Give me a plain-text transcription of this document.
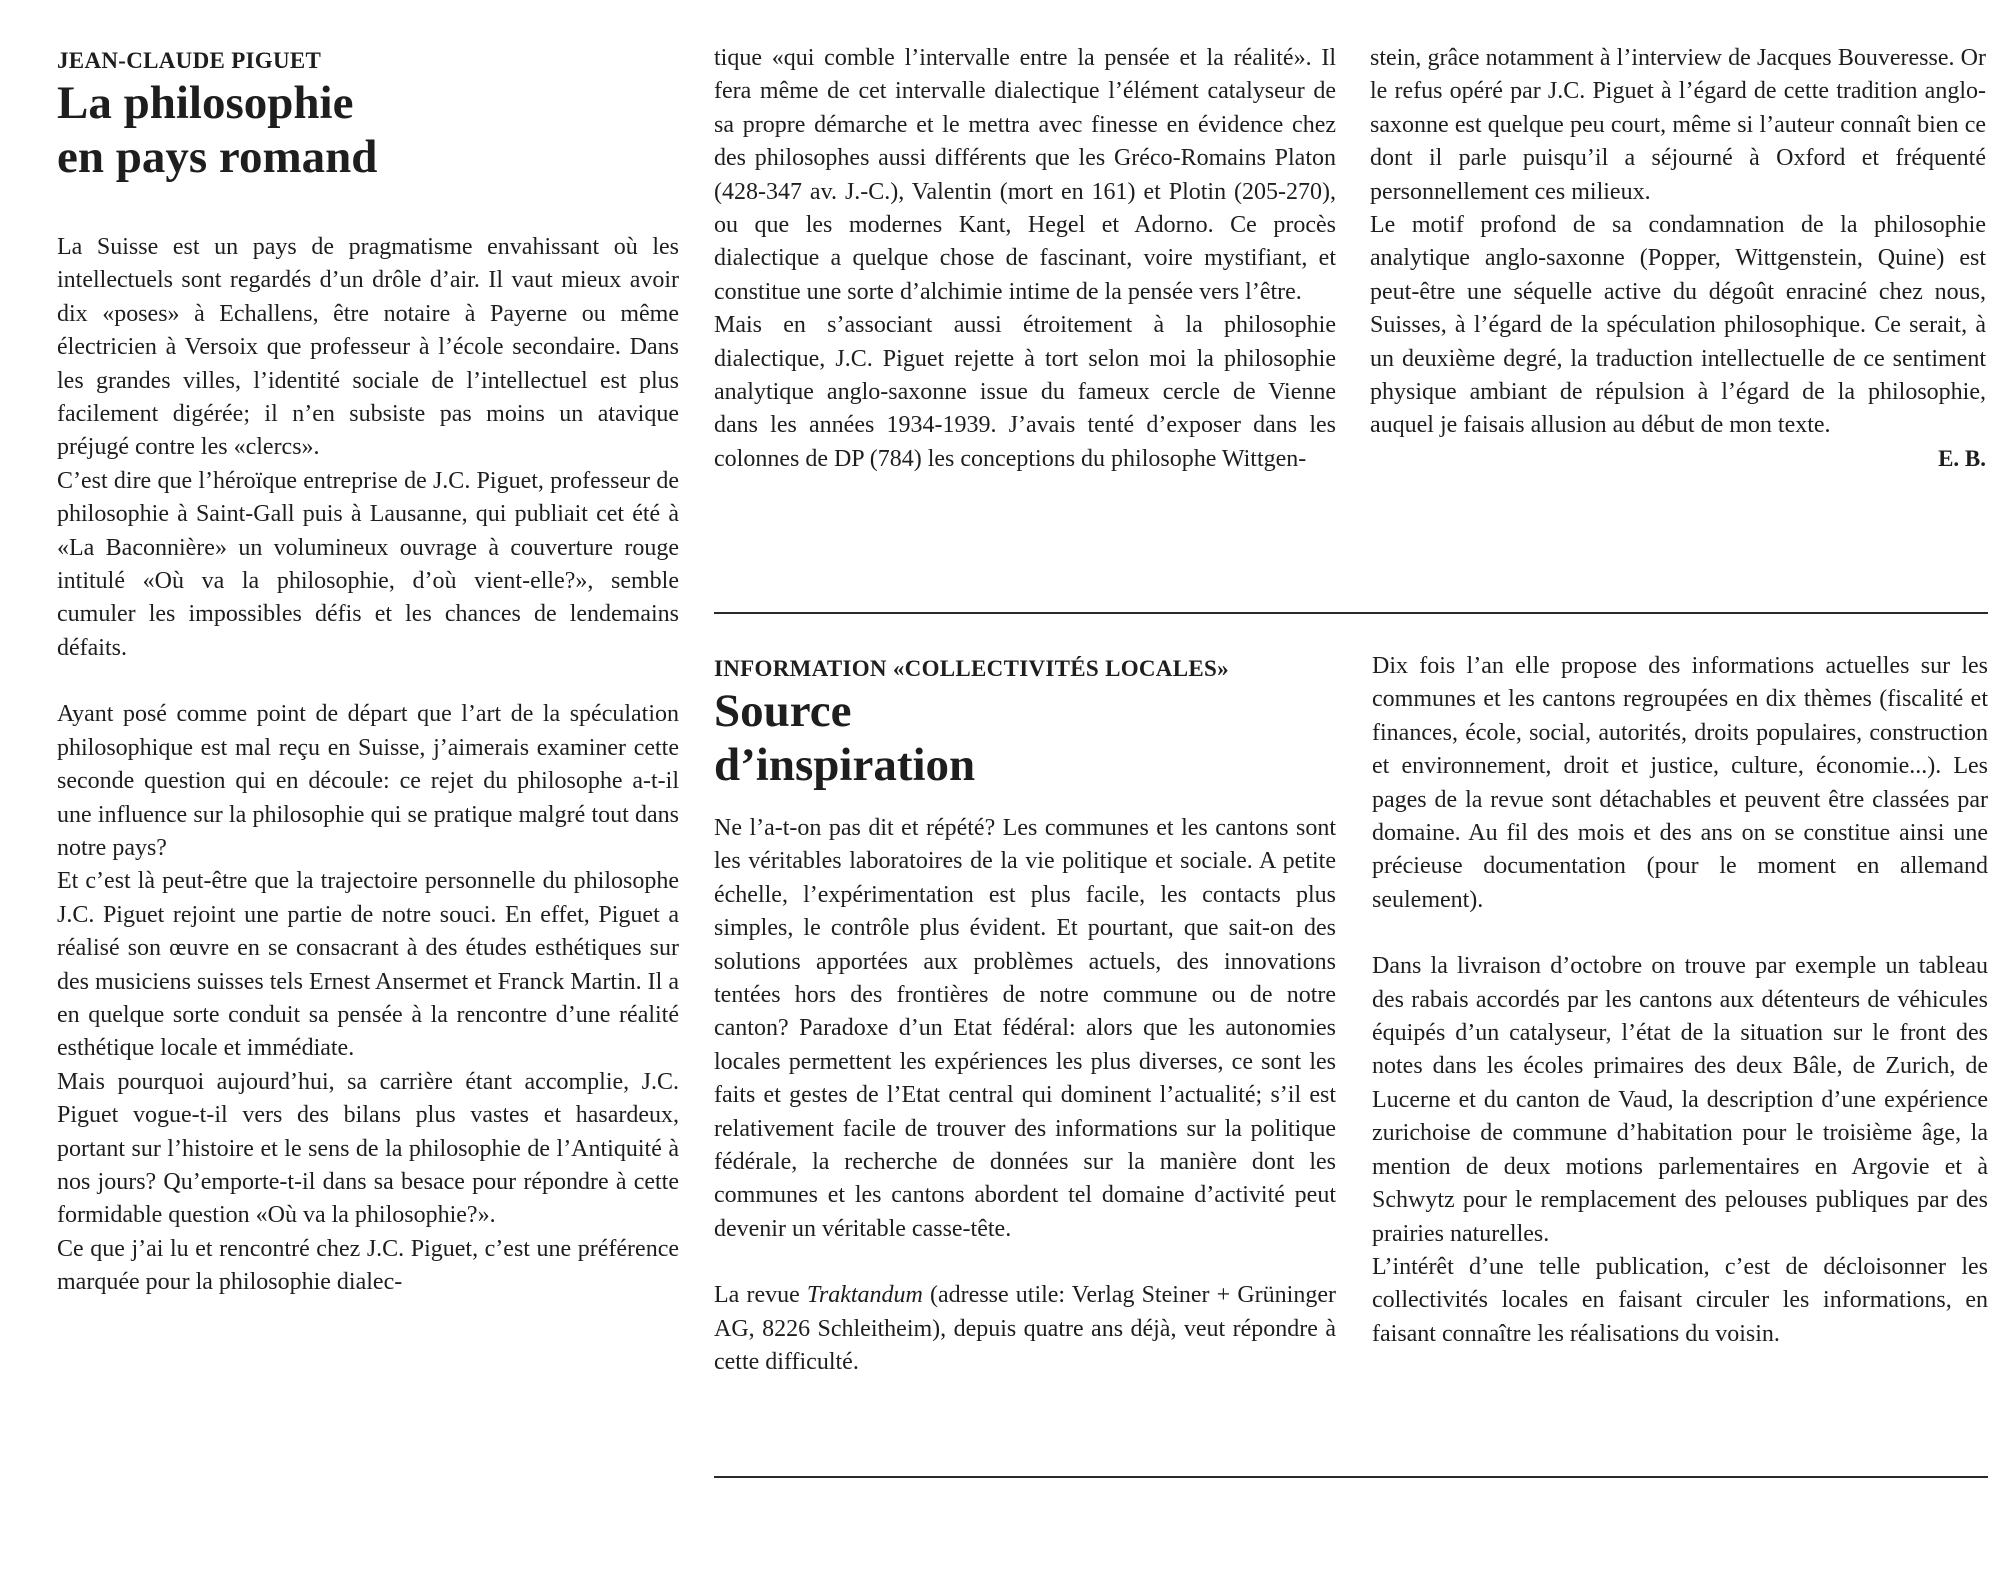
JEAN-CLAUDE PIGUET

La philosophie
en pays romand

La Suisse est un pays de pragmatisme envahissant où les intellectuels sont regardés d’un drôle d’air. Il vaut mieux avoir dix «poses» à Echallens, être notaire à Payerne ou même électricien à Versoix que professeur à l’école secondaire. Dans les grandes villes, l’identité sociale de l’intellectuel est plus facilement digérée; il n’en subsiste pas moins un atavique préjugé contre les «clercs».

C’est dire que l’héroïque entreprise de J.C. Piguet, professeur de philosophie à Saint-Gall puis à Lausanne, qui publiait cet été à «La Baconnière» un volumineux ouvrage à couverture rouge intitulé «Où va la philosophie, d’où vient-elle?», semble cumuler les impossibles défis et les chances de lendemains défaits.

Ayant posé comme point de départ que l’art de la spéculation philosophique est mal reçu en Suisse, j’aimerais examiner cette seconde question qui en découle: ce rejet du philosophe a-t-il une influence sur la philosophie qui se pratique malgré tout dans notre pays?

Et c’est là peut-être que la trajectoire personnelle du philosophe J.C. Piguet rejoint une partie de notre souci. En effet, Piguet a réalisé son œuvre en se consacrant à des études esthétiques sur des musiciens suisses tels Ernest Ansermet et Franck Martin. Il a en quelque sorte conduit sa pensée à la rencontre d’une réalité esthétique locale et immédiate.

Mais pourquoi aujourd’hui, sa carrière étant accomplie, J.C. Piguet vogue-t-il vers des bilans plus vastes et hasardeux, portant sur l’histoire et le sens de la philosophie de l’Antiquité à nos jours? Qu’emporte-t-il dans sa besace pour répondre à cette formidable question «Où va la philosophie?».

Ce que j’ai lu et rencontré chez J.C. Piguet, c’est une préférence marquée pour la philosophie dialec-

tique «qui comble l’intervalle entre la pensée et la réalité». Il fera même de cet intervalle dialectique l’élément catalyseur de sa propre démarche et le mettra avec finesse en évidence chez des philosophes aussi différents que les Gréco-Romains Platon (428-347 av. J.-C.), Valentin (mort en 161) et Plotin (205-270), ou que les modernes Kant, Hegel et Adorno. Ce procès dialectique a quelque chose de fascinant, voire mystifiant, et constitue une sorte d’alchimie intime de la pensée vers l’être.

Mais en s’associant aussi étroitement à la philosophie dialectique, J.C. Piguet rejette à tort selon moi la philosophie analytique anglo-saxonne issue du fameux cercle de Vienne dans les années 1934-1939. J’avais tenté d’exposer dans les colonnes de DP (784) les conceptions du philosophe Wittgen-

stein, grâce notamment à l’interview de Jacques Bouveresse. Or le refus opéré par J.C. Piguet à l’égard de cette tradition anglo-saxonne est quelque peu court, même si l’auteur connaît bien ce dont il parle puisqu’il a séjourné à Oxford et fréquenté personnellement ces milieux.

Le motif profond de sa condamnation de la philosophie analytique anglo-saxonne (Popper, Wittgenstein, Quine) est peut-être une séquelle active du dégoût enraciné chez nous, Suisses, à l’égard de la spéculation philosophique. Ce serait, à un deuxième degré, la traduction intellectuelle de ce sentiment physique ambiant de répulsion à l’égard de la philosophie, auquel je faisais allusion au début de mon texte.

E. B.

INFORMATION «COLLECTIVITÉS LOCALES»

Source
d’inspiration

Ne l’a-t-on pas dit et répété? Les communes et les cantons sont les véritables laboratoires de la vie politique et sociale. A petite échelle, l’expérimentation est plus facile, les contacts plus simples, le contrôle plus évident. Et pourtant, que sait-on des solutions apportées aux problèmes actuels, des innovations tentées hors des frontières de notre commune ou de notre canton? Paradoxe d’un Etat fédéral: alors que les autonomies locales permettent les expériences les plus diverses, ce sont les faits et gestes de l’Etat central qui dominent l’actualité; s’il est relativement facile de trouver des informations sur la politique fédérale, la recherche de données sur la manière dont les communes et les cantons abordent tel domaine d’activité peut devenir un véritable casse-tête.

La revue Traktandum (adresse utile: Verlag Steiner + Grüninger AG, 8226 Schleitheim), depuis quatre ans déjà, veut répondre à cette difficulté.

Dix fois l’an elle propose des informations actuelles sur les communes et les cantons regroupées en dix thèmes (fiscalité et finances, école, social, autorités, droits populaires, construction et environnement, droit et justice, culture, économie...). Les pages de la revue sont détachables et peuvent être classées par domaine. Au fil des mois et des ans on se constitue ainsi une précieuse documentation (pour le moment en allemand seulement).

Dans la livraison d’octobre on trouve par exemple un tableau des rabais accordés par les cantons aux détenteurs de véhicules équipés d’un catalyseur, l’état de la situation sur le front des notes dans les écoles primaires des deux Bâle, de Zurich, de Lucerne et du canton de Vaud, la description d’une expérience zurichoise de commune d’habitation pour le troisième âge, la mention de deux motions parlementaires en Argovie et à Schwytz pour le remplacement des pelouses publiques par des prairies naturelles.

L’intérêt d’une telle publication, c’est de décloisonner les collectivités locales en faisant circuler les informations, en faisant connaître les réalisations du voisin.
